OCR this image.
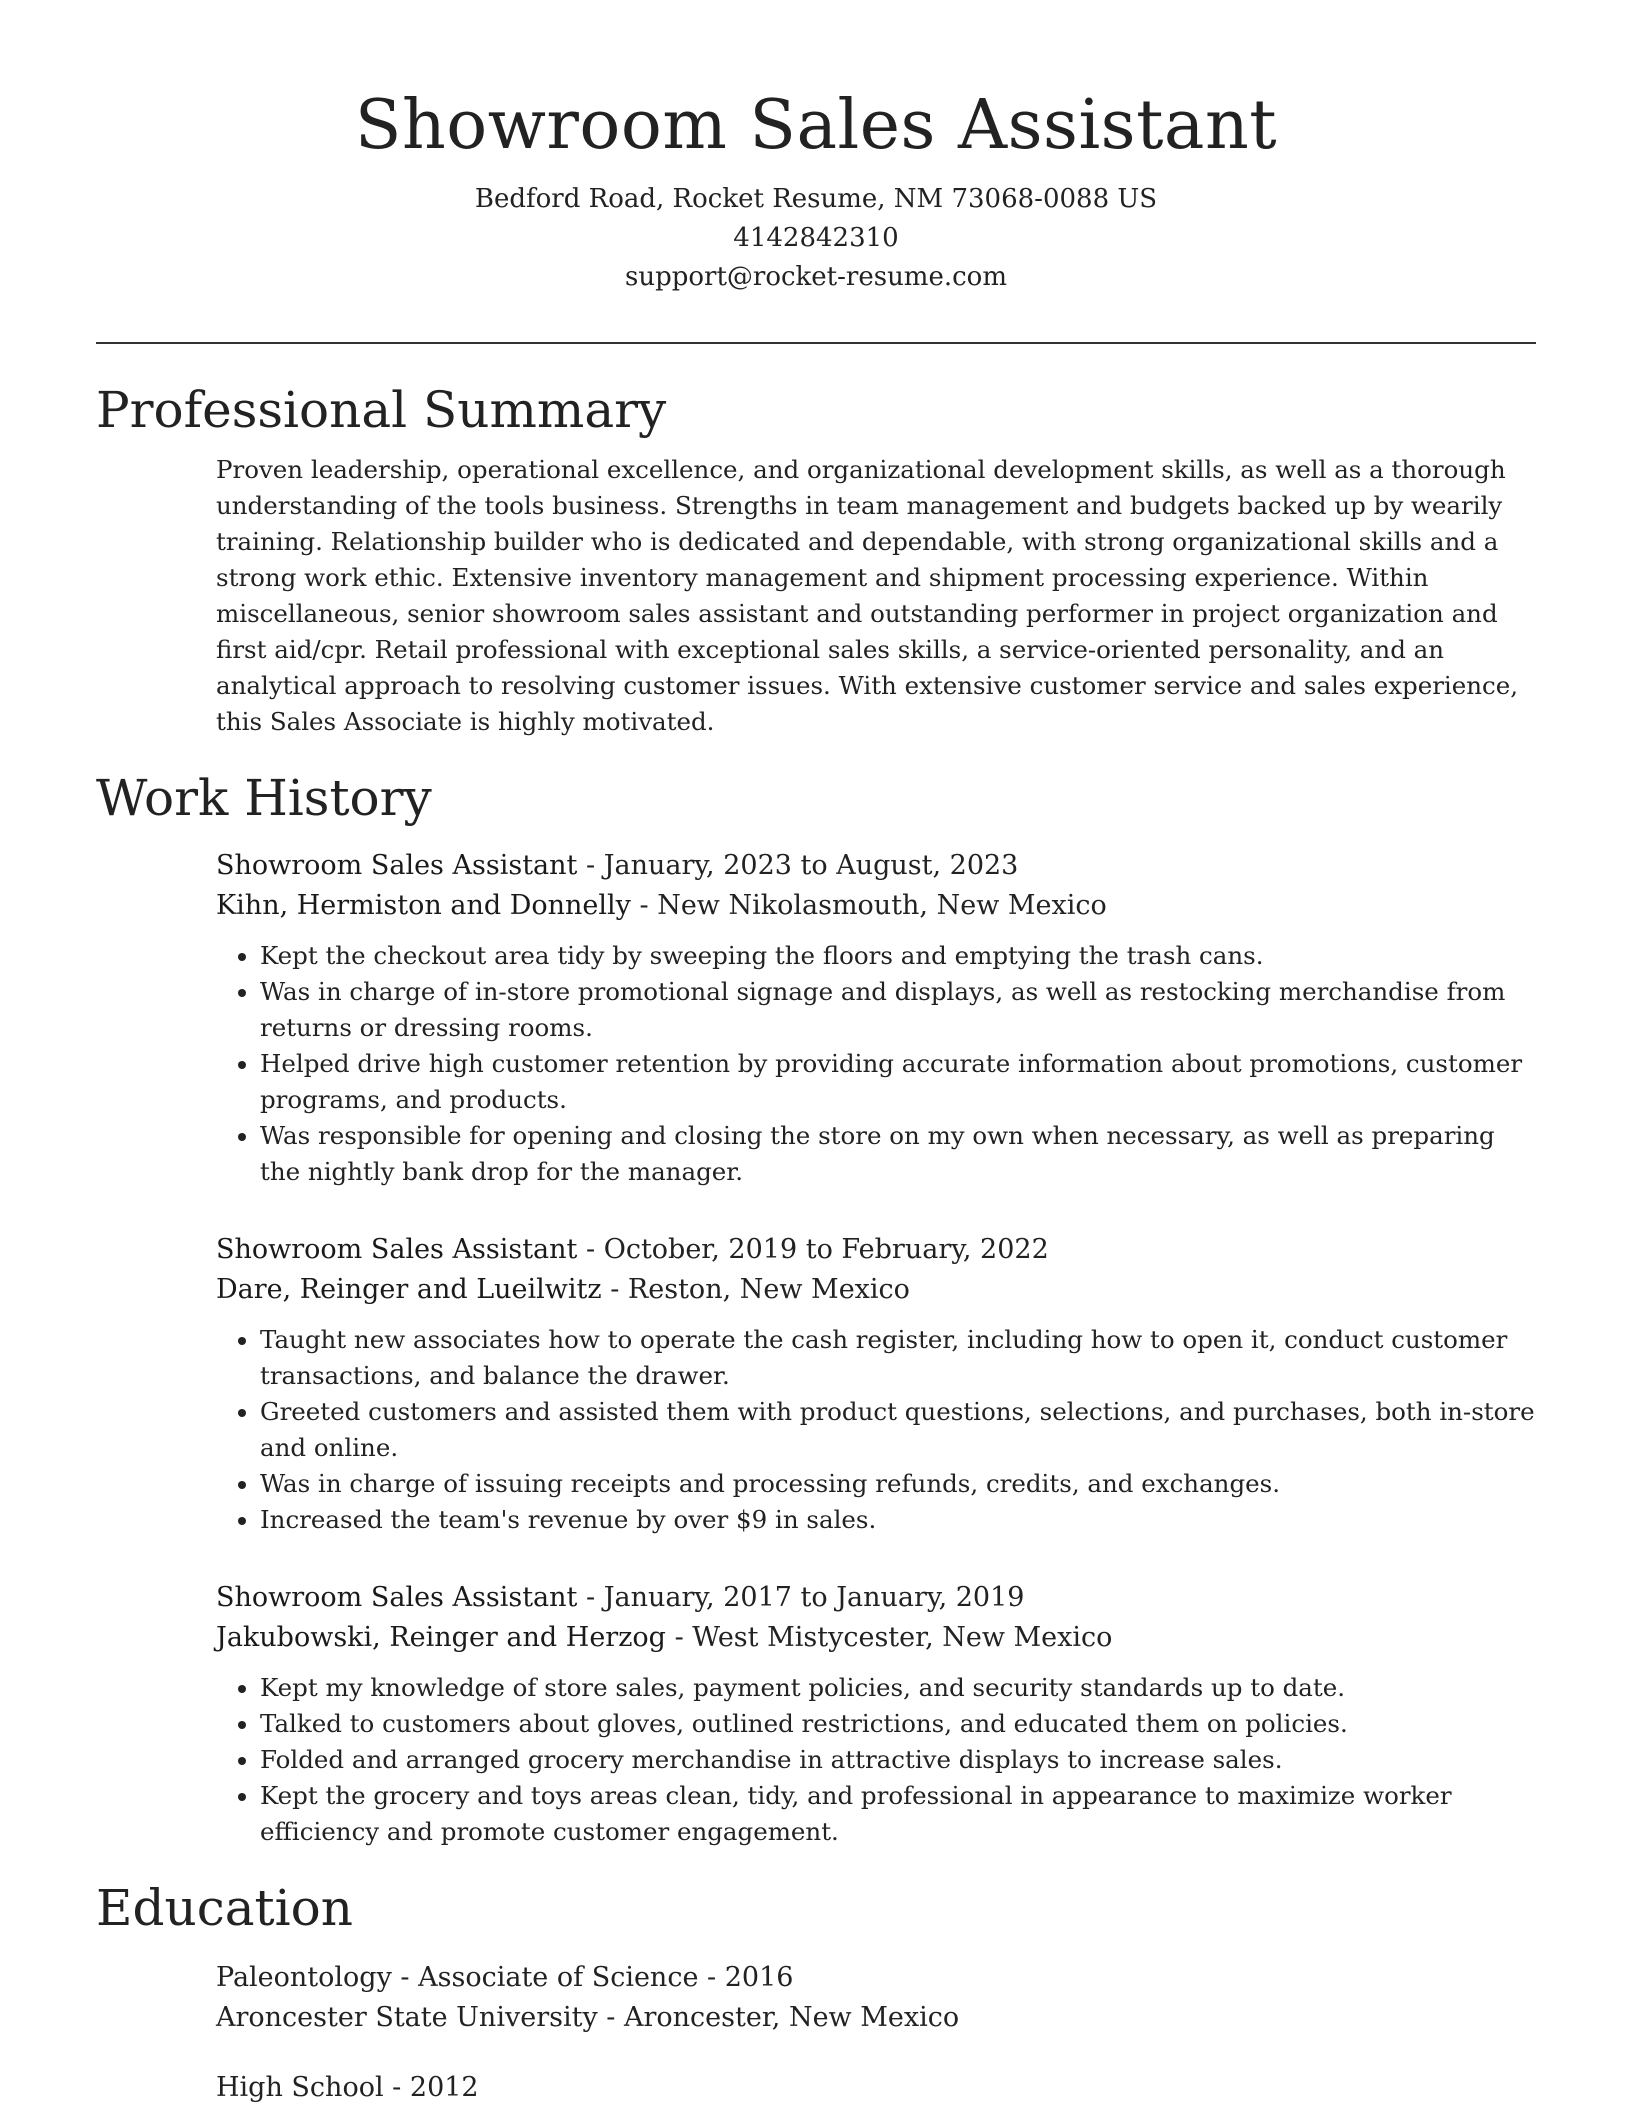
Showroom Sales Assistant
Bedford Road, Rocket Resume, NM 73068-0088 US
4142842310
support@rocket-resume.com
Professional Summary

Proven leadership, operational excellence, and organizational development skills, as well as a thorough understanding of the tools business. Strengths in team management and budgets backed up by wearily training. Relationship builder who is dedicated and dependable, with strong organizational skills and a strong work ethic. Extensive inventory management and shipment processing experience. Within miscellaneous, senior showroom sales assistant and outstanding performer in project organization and first aid/cpr. Retail professional with exceptional sales skills, a service-oriented personality, and an analytical approach to resolving customer issues. With extensive customer service and sales experience, this Sales Associate is highly motivated.

Work History
Showroom Sales Assistant - January, 2023 to August, 2023
Kihn, Hermiston and Donnelly - New Nikolasmouth, New Mexico
• Kept the checkout area tidy by sweeping the floors and emptying the trash cans.
• Was in charge of in-store promotional signage and displays, as well as restocking merchandise from returns or dressing rooms.
• Helped drive high customer retention by providing accurate information about promotions, customer programs, and products.
• Was responsible for opening and closing the store on my own when necessary, as well as preparing the nightly bank drop for the manager.
Showroom Sales Assistant - October, 2019 to February, 2022
Dare, Reinger and Lueilwitz - Reston, New Mexico
• Taught new associates how to operate the cash register, including how to open it, conduct customer transactions, and balance the drawer.
• Greeted customers and assisted them with product questions, selections, and purchases, both in-store and online.
• Was in charge of issuing receipts and processing refunds, credits, and exchanges.
• Increased the team's revenue by over $9 in sales.
Showroom Sales Assistant - January, 2017 to January, 2019
Jakubowski, Reinger and Herzog - West Mistycester, New Mexico
• Kept my knowledge of store sales, payment policies, and security standards up to date.
• Talked to customers about gloves, outlined restrictions, and educated them on policies.
• Folded and arranged grocery merchandise in attractive displays to increase sales.
• Kept the grocery and toys areas clean, tidy, and professional in appearance to maximize worker efficiency and promote customer engagement.
Education
Paleontology - Associate of Science - 2016
Aroncester State University - Aroncester, New Mexico
High School - 2012
